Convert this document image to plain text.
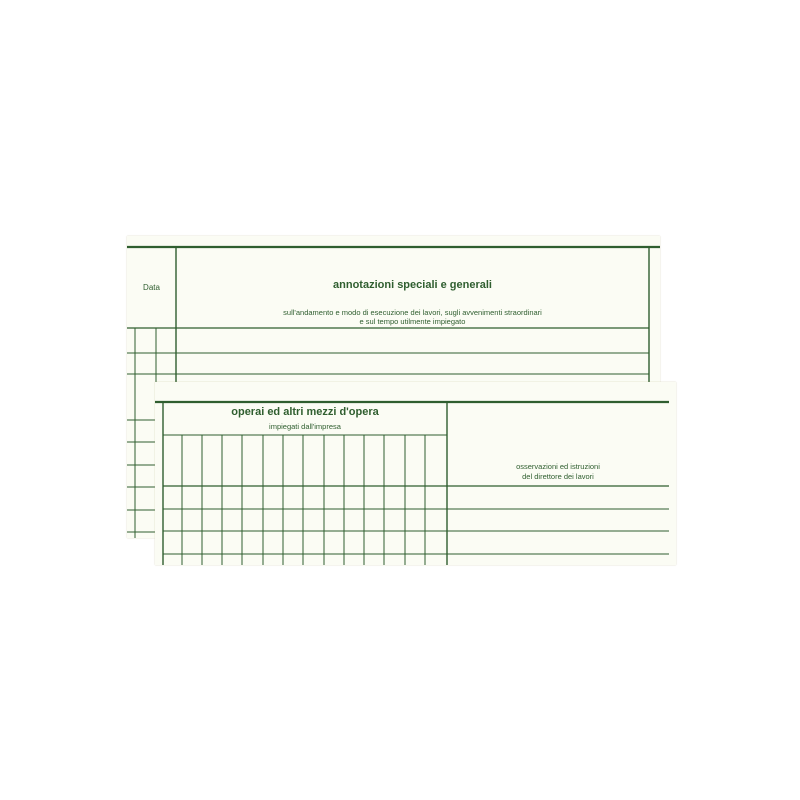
Data	annotazioni speciali e generali
sull'andamento e modo di esecuzione dei lavori, sugli avvenimenti straordinari
e sul tempo utilmente impiegato
operai ed altri mezzi d'opera
impiegati dall'impresa
osservazioni ed istruzioni
del direttore dei lavori
